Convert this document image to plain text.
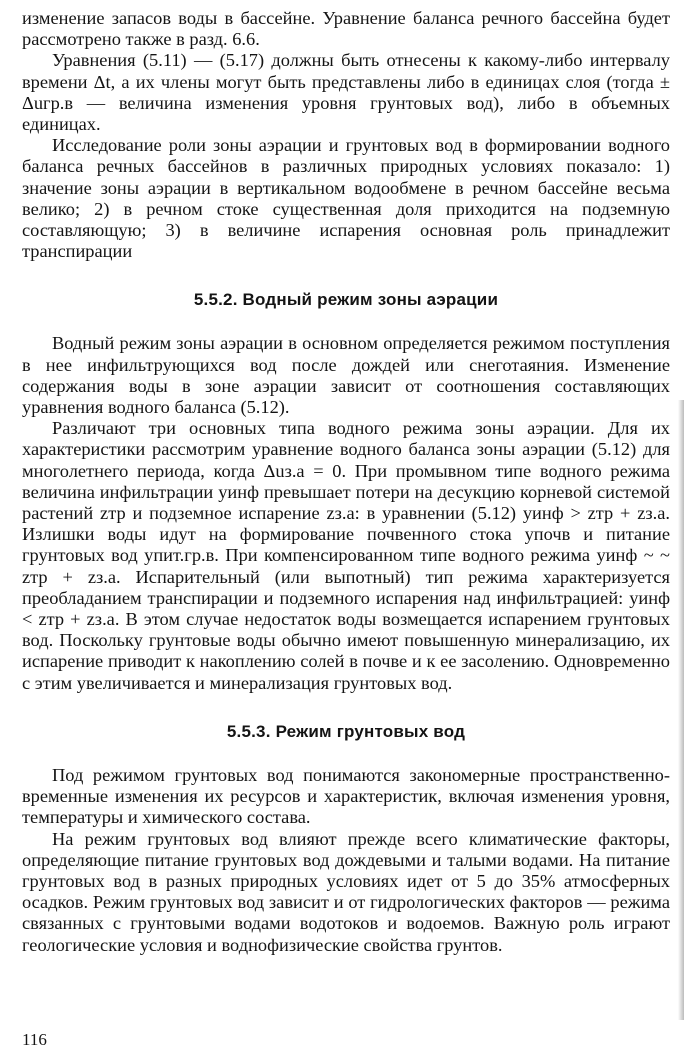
изменение запасов воды в бассейне. Уравнение баланса речного бассейна будет рассмотрено также в разд. 6.6.

Уравнения (5.11) — (5.17) должны быть отнесены к какому-либо интервалу времени Δt, а их члены могут быть представлены либо в единицах слоя (тогда ± Δuгр.в — величина изменения уровня грунтовых вод), либо в объемных единицах.

Исследование роли зоны аэрации и грунтовых вод в формировании водного баланса речных бассейнов в различных природных условиях показало: 1) значение зоны аэрации в вертикальном водообмене в речном бассейне весьма велико; 2) в речном стоке существенная доля приходится на подземную составляющую; 3) в величине испарения основная роль принадлежит транспирации

5.5.2. Водный режим зоны аэрации

Водный режим зоны аэрации в основном определяется режимом поступления в нее инфильтрующихся вод после дождей или снеготаяния. Изменение содержания воды в зоне аэрации зависит от соотношения составляющих уравнения водного баланса (5.12).

Различают три основных типа водного режима зоны аэрации. Для их характеристики рассмотрим уравнение водного баланса зоны аэрации (5.12) для многолетнего периода, когда Δuз.а = 0. При промывном типе водного режима величина инфильтрации yинф превышает потери на десукцию корневой системой растений zтр и подземное испарение zз.а: в уравнении (5.12) yинф > zтр + zз.а. Излишки воды идут на формирование почвенного стока yпочв и питание грунтовых вод yпит.гр.в. При компенсированном типе водного режима yинф ~ ~ zтр + zз.а. Испарительный (или выпотный) тип режима характеризуется преобладанием транспирации и подземного испарения над инфильтрацией: yинф < zтр + zз.а. В этом случае недостаток воды возмещается испарением грунтовых вод. Поскольку грунтовые воды обычно имеют повышенную минерализацию, их испарение приводит к накоплению солей в почве и к ее засолению. Одновременно с этим увеличивается и минерализация грунтовых вод.

5.5.3. Режим грунтовых вод

Под режимом грунтовых вод понимаются закономерные пространственно-временные изменения их ресурсов и характеристик, включая изменения уровня, температуры и химического состава.

На режим грунтовых вод влияют прежде всего климатические факторы, определяющие питание грунтовых вод дождевыми и талыми водами. На питание грунтовых вод в разных природных условиях идет от 5 до 35% атмосферных осадков. Режим грунтовых вод зависит и от гидрологических факторов — режима связанных с грунтовыми водами водотоков и водоемов. Важную роль играют геологические условия и воднофизические свойства грунтов.

116
